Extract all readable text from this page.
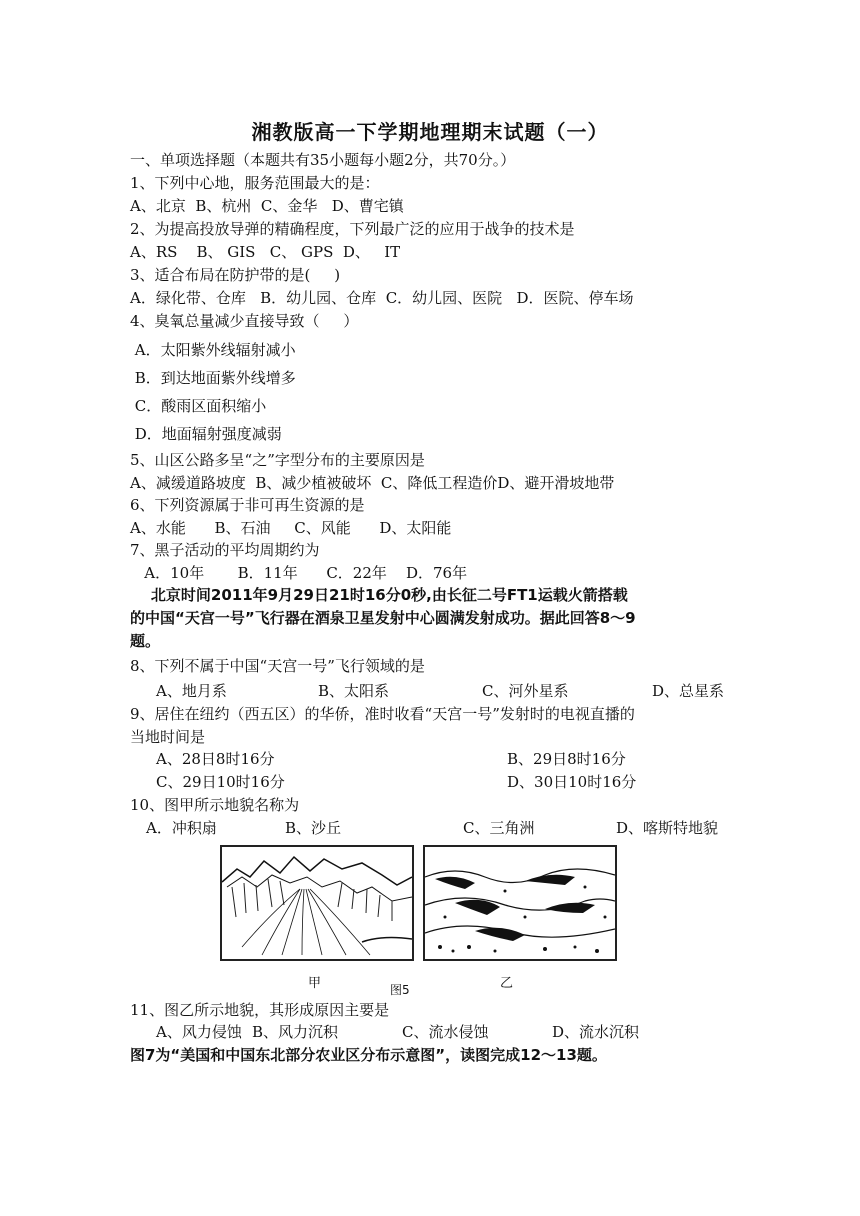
湘教版高一下学期地理期末试题（一）

一、单项选择题（本题共有35小题每小题2分，共70分。）

1、下列中心地，服务范围最大的是：

A、北京  B、杭州  C、金华   D、曹宅镇

2、为提高投放导弹的精确程度，下列最广泛的应用于战争的技术是

A、RS    B、 GIS   C、 GPS  D、   IT

3、适合布局在防护带的是(     )

A．绿化带、仓库   B．幼儿园、仓库  C．幼儿园、医院   D．医院、停车场

4、臭氧总量减少直接导致（     ）

A．太阳紫外线辐射减小

B．到达地面紫外线增多

C．酸雨区面积缩小

D．地面辐射强度减弱

5、山区公路多呈“之”字型分布的主要原因是

A、减缓道路坡度  B、减少植被破坏  C、降低工程造价D、避开滑坡地带

6、下列资源属于非可再生资源的是

A、水能      B、石油     C、风能      D、太阳能

7、黑子活动的平均周期约为

A．10年       B．11年      C．22年    D．76年

北京时间2011年9月29日21时16分0秒,由长征二号FT1运载火箭搭载

的中国“天宫一号”飞行器在酒泉卫星发射中心圆满发射成功。据此回答8～9

题。

8、下列不属于中国“天宫一号”飞行领域的是

A、地月系	B、太阳系	C、河外星系	D、总星系

9、居住在纽约（西五区）的华侨，准时收看“天宫一号”发射时的电视直播的

当地时间是

A、28日8时16分	B、29日8时16分
C、29日10时16分	D、30日10时16分

10、图甲所示地貌名称为

A．冲积扇	B、沙丘	C、三角洲	D、喀斯特地貌
甲	图5	乙

11、图乙所示地貌，其形成原因主要是

A、风力侵蚀 B、风力沉积	C、流水侵蚀	D、流水沉积

图7为“美国和中国东北部分农业区分布示意图”，读图完成12～13题。
